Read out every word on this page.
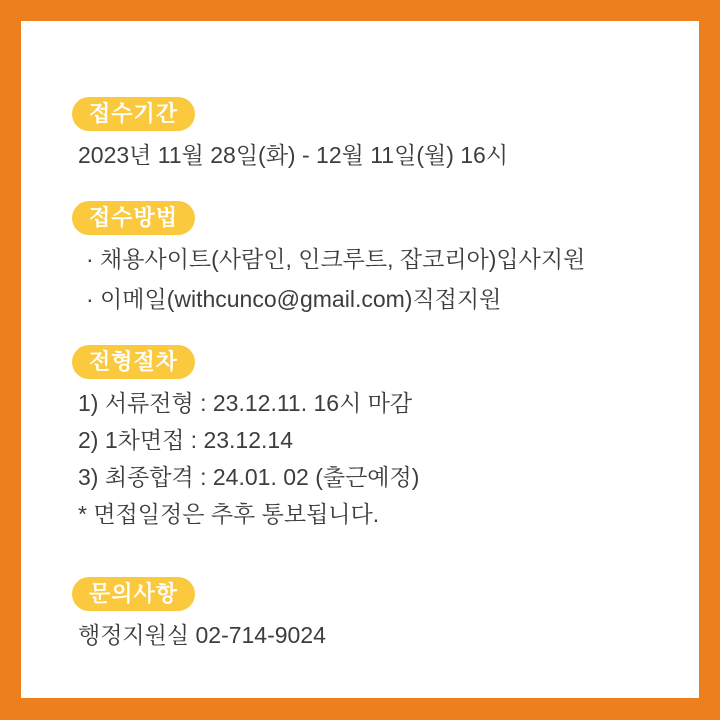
접수기간
2023년 11월 28일(화) - 12월 11일(월) 16시
접수방법
· 채용사이트(사람인, 인크루트, 잡코리아)입사지원
· 이메일(withcunco@gmail.com)직접지원
전형절차
1) 서류전형 : 23.12.11. 16시 마감
2) 1차면접 : 23.12.14
3) 최종합격 : 24.01. 02 (출근예정)
* 면접일정은 추후 통보됩니다.
문의사항
행정지원실 02-714-9024
